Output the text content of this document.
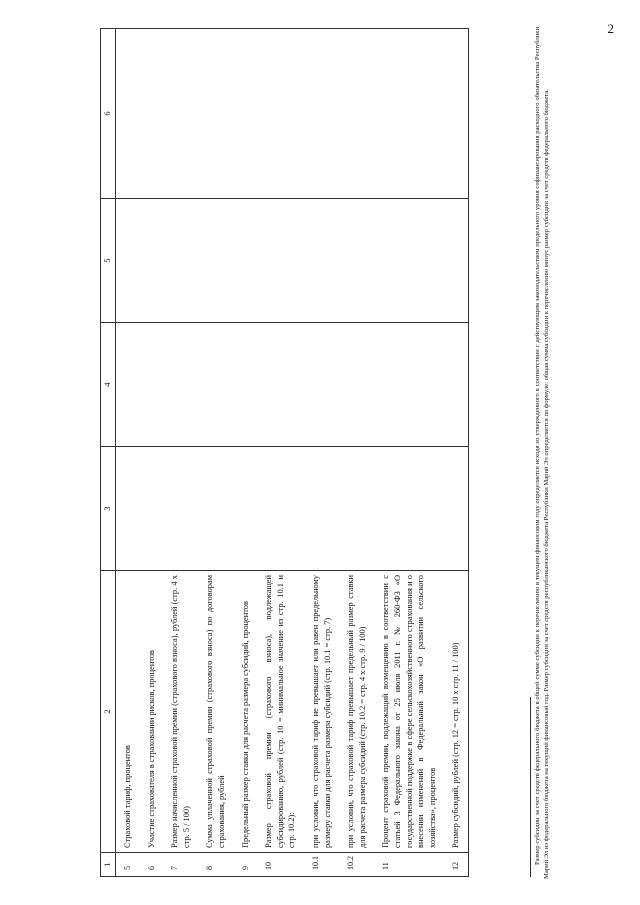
2
1	2	3	4	5	6
5	Страховой тариф, процентов				
6	Участие страхователя в страховании рисков, процентов				
7	Размер начисленной страховой премии (страхового взноса), рублей (стр. 4 x стр. 5 / 100)				
8	Сумма уплаченной страховой премии (страхового взноса) по договорам страхования, рублей				
9	Предельный размер ставки для расчета размера субсидий, процентов				
10	Размер страховой премии (страхового взноса), подлежащей субсидированию, рублей (стр. 10 = минимальное значение из стр. 10.1 и стр. 10.2):				
10.1	при условии, что страховой тариф не превышает или равен предельному размеру ставки для расчета размера субсидий (стр. 10.1 = стр. 7)				
10.2	при условии, что страховой тариф превышает предельный размер ставки для расчета размера субсидий (стр. 10.2 = стр. 4 x стр. 9 / 100)				
11	Процент страховой премии, подлежащий возмещению в соответствии с статьей 3 Федерального закона от 25 июля 2011 г. № 260-ФЗ «О государственной поддержке в сфере сельскохозяйственного страхования и о внесении изменений в Федеральный закон «О развитии сельского хозяйства», процентов				
12	Размер субсидий, рублей (стр. 12 = стр. 10 x стр. 11 / 100)					Размер субсидии за счет средств федерального бюджета в общей сумме субсидии к перечислению в текущем финансовом году определяется исходя из утвержденного в соответствии с действующим законодательством предельного уровня софинансирования расходного обязательства Республики Марий Эл из федерального бюджета на текущий финансовый год. Размер субсидии за счет средств республиканского бюджета Республики Марий Эл определяется по формуле: общая сумма субсидии к перечислению минус размер субсидии за счет средств федерального бюджета.
